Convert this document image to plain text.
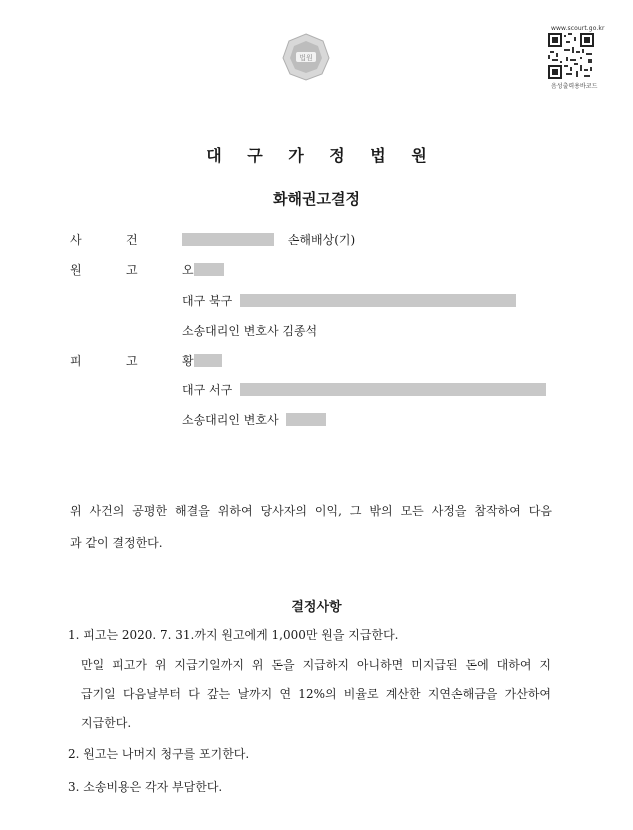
법원
www.scourt.go.kr
음성출력용바코드
대 구 가 정 법 원
화해권고결정
사	건	손해배상(기)
원	고	오
대구 북구
소송대리인 변호사 김종석
피	고	황
대구 서구
소송대리인 변호사
위 사건의 공평한 해결을 위하여 당사자의 이익, 그 밖의 모든 사정을 참작하여 다음
과 같이 결정한다.
결정사항
1. 피고는 2020. 7. 31.까지 원고에게 1,000만 원을 지급한다.
만일 피고가 위 지급기일까지 위 돈을 지급하지 아니하면 미지급된 돈에 대하여 지
급기일 다음날부터 다 갚는 날까지 연 12%의 비율로 계산한 지연손해금을 가산하여
지급한다.
2. 원고는 나머지 청구를 포기한다.
3. 소송비용은 각자 부담한다.
